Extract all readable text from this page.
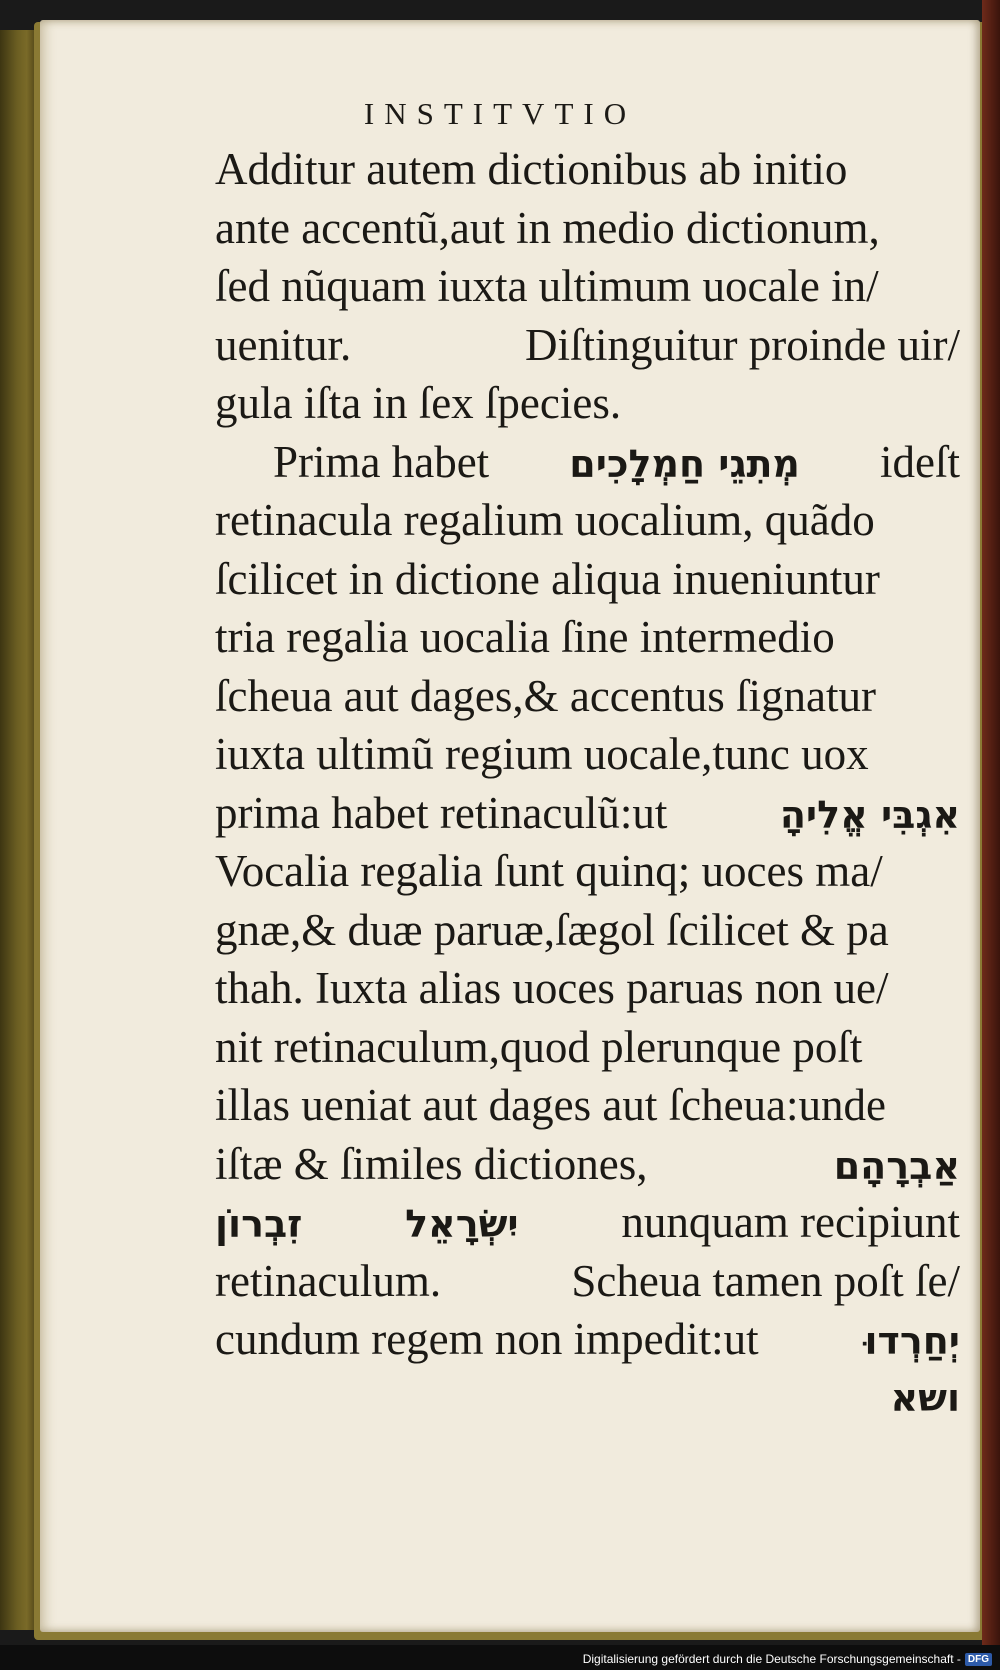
INSTITVTIO
Additur autem dictionibus ab initio
ante accentũ,aut in medio dictionum,
ſed nũquam iuxta ultimum uocale in/
uenitur.	Diſtinguitur proinde uir/
gula iſta in ſex ſpecies.
Prima habet מְתִגֵי חַמְלָכִים ideſt
retinacula regalium uocalium, quãdo
ſcilicet in dictione aliqua inueniuntur
tria regalia uocalia ſine intermedio
ſcheua aut dages,& accentus ſignatur
iuxta ultimũ regium uocale,tunc uox
prima habet retinaculũ:ut	אִגְבִּי אֱלִיהָ
Vocalia regalia ſunt quinq; uoces ma/
gnæ,& duæ paruæ,ſægol ſcilicet & pa
thah. Iuxta alias uoces paruas non ue/
nit retinaculum,quod plerunque poſt
illas ueniat aut dages aut ſcheua:unde
iſtæ & ſimiles dictiones,	אַבְרָהָם
זִבְרוֹן	יִשְׂרָאֵל nunquam recipiunt
retinaculum.	Scheua tamen poſt ſe/
cundum regem non impedit:ut	יְחַרְדוּ
ושא
Digitalisierung gefördert durch die Deutsche Forschungsgemeinschaft - DFG
